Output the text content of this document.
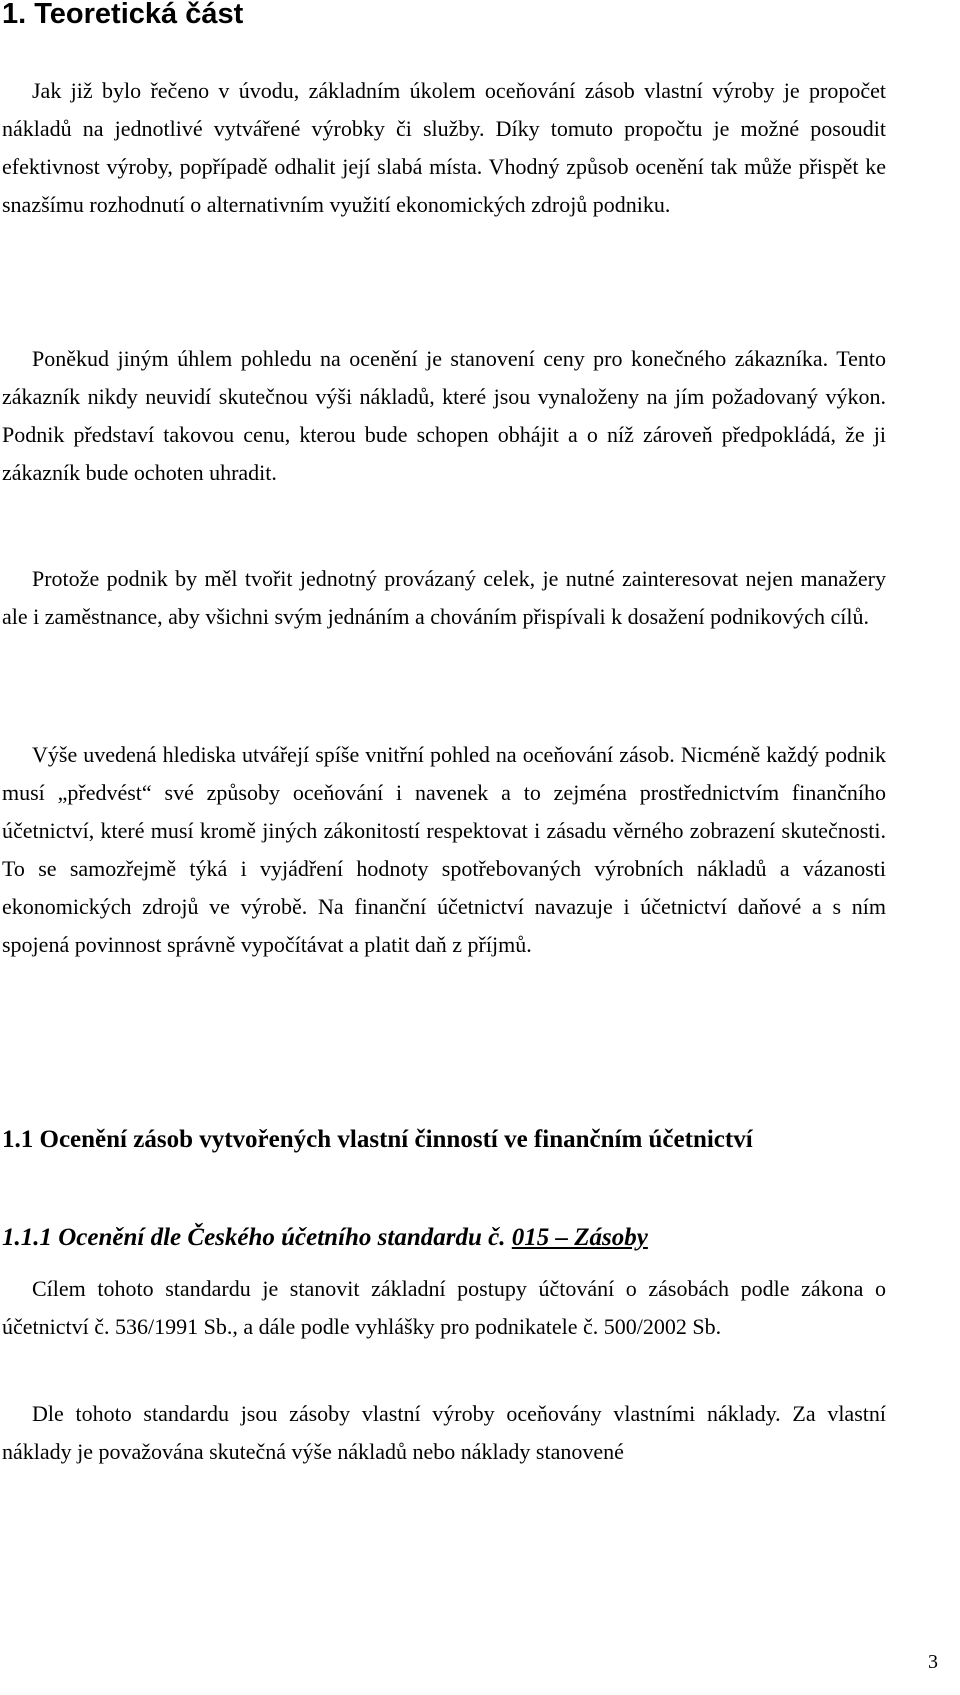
1. Teoretická část

Jak již bylo řečeno v úvodu, základním úkolem oceňování zásob vlastní výroby je propočet nákladů na jednotlivé vytvářené výrobky či služby. Díky tomuto propočtu je možné posoudit efektivnost výroby, popřípadě odhalit její slabá místa. Vhodný způsob ocenění tak může přispět ke snazšímu rozhodnutí o alternativním využití ekonomických zdrojů podniku.

Poněkud jiným úhlem pohledu na ocenění je stanovení ceny pro konečného zákazníka. Tento zákazník nikdy neuvidí skutečnou výši nákladů, které jsou vynaloženy na jím požadovaný výkon. Podnik představí takovou cenu, kterou bude schopen obhájit a o níž zároveň předpokládá, že ji zákazník bude ochoten uhradit.

Protože podnik by měl tvořit jednotný provázaný celek, je nutné zainteresovat nejen manažery ale i zaměstnance, aby všichni svým jednáním a chováním přispívali k dosažení podnikových cílů.

Výše uvedená hlediska utvářejí spíše vnitřní pohled na oceňování zásob. Nicméně každý podnik musí „předvést“ své způsoby oceňování i navenek a to zejména prostřednictvím finančního účetnictví, které musí kromě jiných zákonitostí respektovat i zásadu věrného zobrazení skutečnosti. To se samozřejmě týká i vyjádření hodnoty spotřebovaných výrobních nákladů a vázanosti ekonomických zdrojů ve výrobě. Na finanční účetnictví navazuje i účetnictví daňové a s ním spojená povinnost správně vypočítávat a platit daň z příjmů.

1.1 Ocenění zásob vytvořených vlastní činností ve finančním účetnictví
1.1.1 Ocenění dle Českého účetního standardu č. 015 – Zásoby

Cílem tohoto standardu je stanovit základní postupy účtování o zásobách podle zákona o účetnictví č. 536/1991 Sb., a dále podle vyhlášky pro podnikatele č. 500/2002 Sb.

Dle tohoto standardu jsou zásoby vlastní výroby oceňovány vlastními náklady. Za vlastní náklady je považována skutečná výše nákladů nebo náklady stanovené

3
